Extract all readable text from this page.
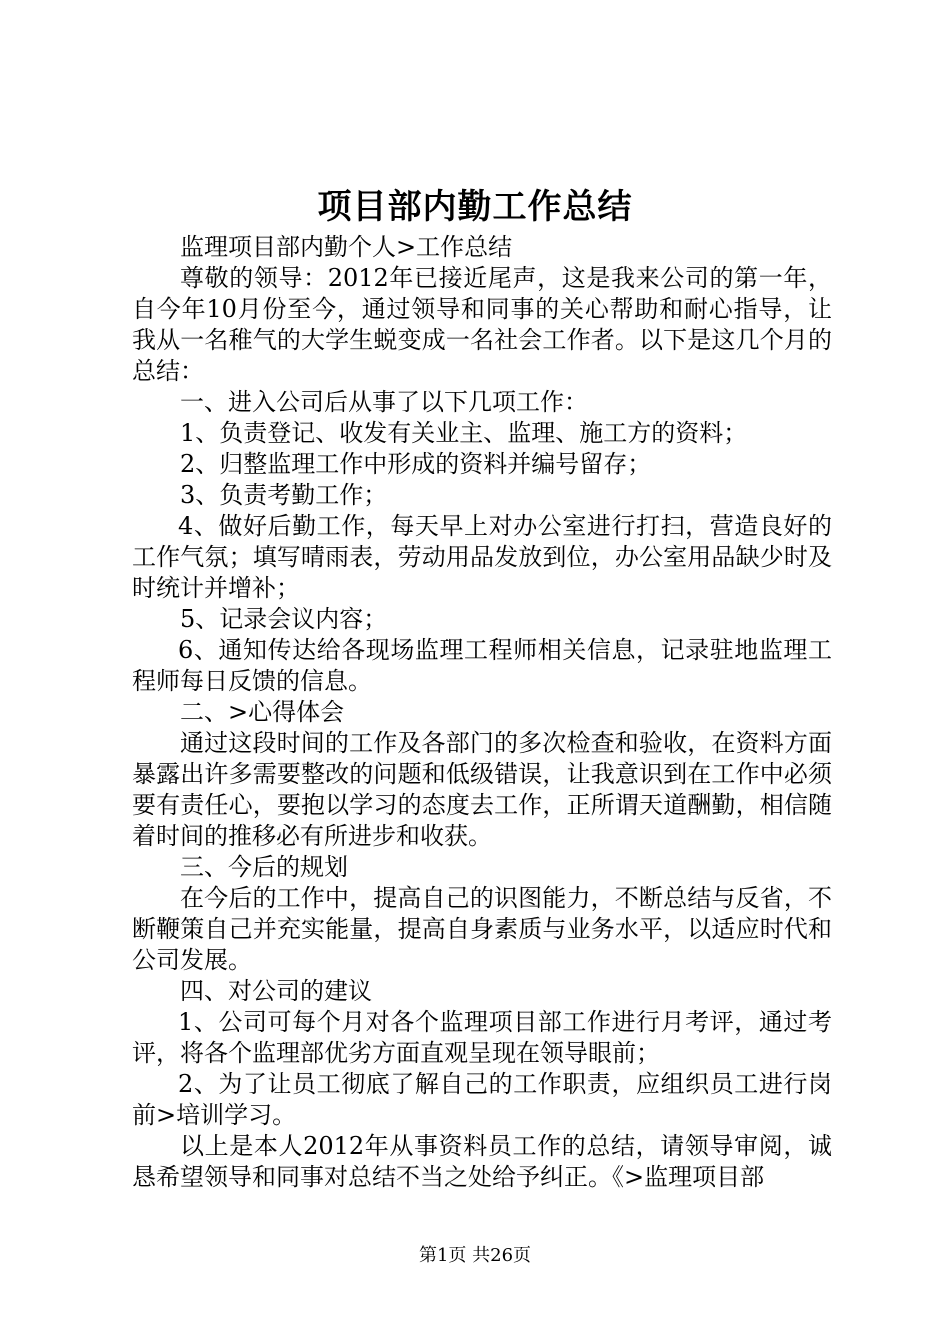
项目部内勤工作总结

监理项目部内勤个人>工作总结

尊敬的领导：2012年已接近尾声，这是我来公司的第一年，自今年10月份至今，通过领导和同事的关心帮助和耐心指导，让我从一名稚气的大学生蜕变成一名社会工作者。以下是这几个月的总结：

一、进入公司后从事了以下几项工作：

1、负责登记、收发有关业主、监理、施工方的资料；

2、归整监理工作中形成的资料并编号留存；

3、负责考勤工作；

4、做好后勤工作，每天早上对办公室进行打扫，营造良好的工作气氛；填写晴雨表，劳动用品发放到位，办公室用品缺少时及时统计并增补；

5、记录会议内容；

6、通知传达给各现场监理工程师相关信息，记录驻地监理工程师每日反馈的信息。

二、>心得体会

通过这段时间的工作及各部门的多次检查和验收，在资料方面暴露出许多需要整改的问题和低级错误，让我意识到在工作中必须要有责任心，要抱以学习的态度去工作，正所谓天道酬勤，相信随着时间的推移必有所进步和收获。

三、今后的规划

在今后的工作中，提高自己的识图能力，不断总结与反省，不断鞭策自己并充实能量，提高自身素质与业务水平，以适应时代和公司发展。

四、对公司的建议

1、公司可每个月对各个监理项目部工作进行月考评，通过考评，将各个监理部优劣方面直观呈现在领导眼前；

2、为了让员工彻底了解自己的工作职责，应组织员工进行岗前>培训学习。

以上是本人2012年从事资料员工作的总结，请领导审阅，诚恳希望领导和同事对总结不当之处给予纠正。《>监理项目部

第1页 共26页
